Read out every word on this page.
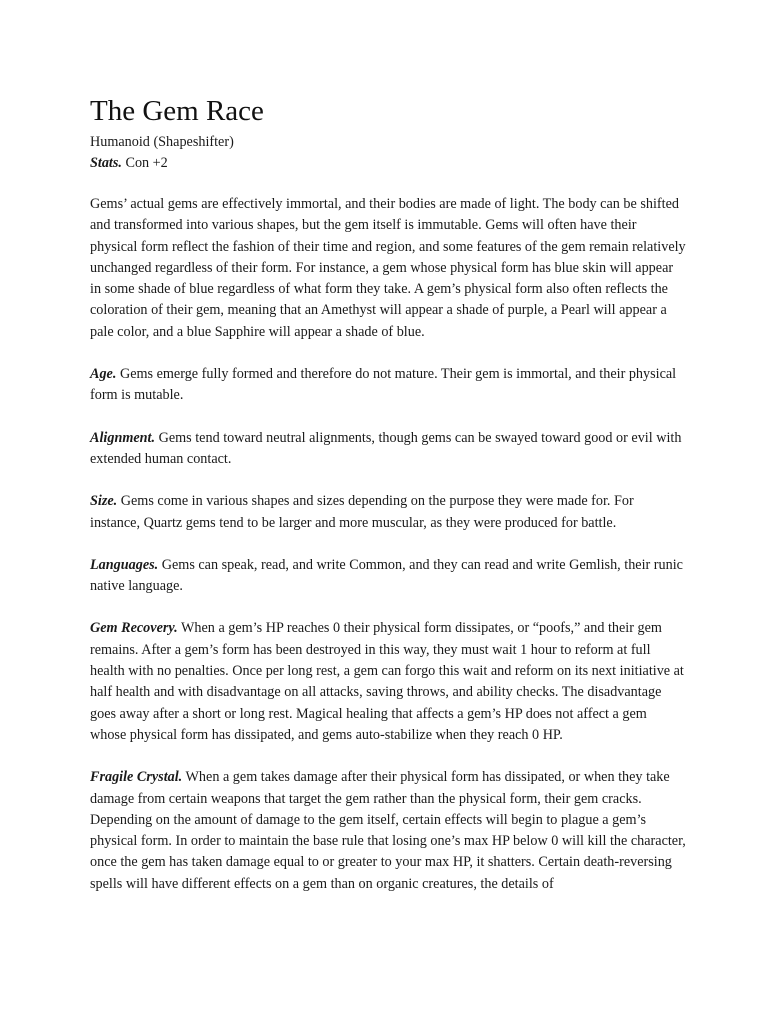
The Gem Race

Humanoid (Shapeshifter)

Stats. Con +2

Gems’ actual gems are effectively immortal, and their bodies are made of light. The body can be shifted and transformed into various shapes, but the gem itself is immutable. Gems will often have their physical form reflect the fashion of their time and region, and some features of the gem remain relatively unchanged regardless of their form. For instance, a gem whose physical form has blue skin will appear in some shade of blue regardless of what form they take. A gem’s physical form also often reflects the coloration of their gem, meaning that an Amethyst will appear a shade of purple, a Pearl will appear a pale color, and a blue Sapphire will appear a shade of blue.

Age. Gems emerge fully formed and therefore do not mature. Their gem is immortal, and their physical form is mutable.

Alignment. Gems tend toward neutral alignments, though gems can be swayed toward good or evil with extended human contact.

Size. Gems come in various shapes and sizes depending on the purpose they were made for. For instance, Quartz gems tend to be larger and more muscular, as they were produced for battle.

Languages. Gems can speak, read, and write Common, and they can read and write Gemlish, their runic native language.

Gem Recovery. When a gem’s HP reaches 0 their physical form dissipates, or “poofs,” and their gem remains. After a gem’s form has been destroyed in this way, they must wait 1 hour to reform at full health with no penalties. Once per long rest, a gem can forgo this wait and reform on its next initiative at half health and with disadvantage on all attacks, saving throws, and ability checks. The disadvantage goes away after a short or long rest. Magical healing that affects a gem’s HP does not affect a gem whose physical form has dissipated, and gems auto-stabilize when they reach 0 HP.

Fragile Crystal. When a gem takes damage after their physical form has dissipated, or when they take damage from certain weapons that target the gem rather than the physical form, their gem cracks. Depending on the amount of damage to the gem itself, certain effects will begin to plague a gem’s physical form. In order to maintain the base rule that losing one’s max HP below 0 will kill the character, once the gem has taken damage equal to or greater to your max HP, it shatters. Certain death-reversing spells will have different effects on a gem than on organic creatures, the details of
